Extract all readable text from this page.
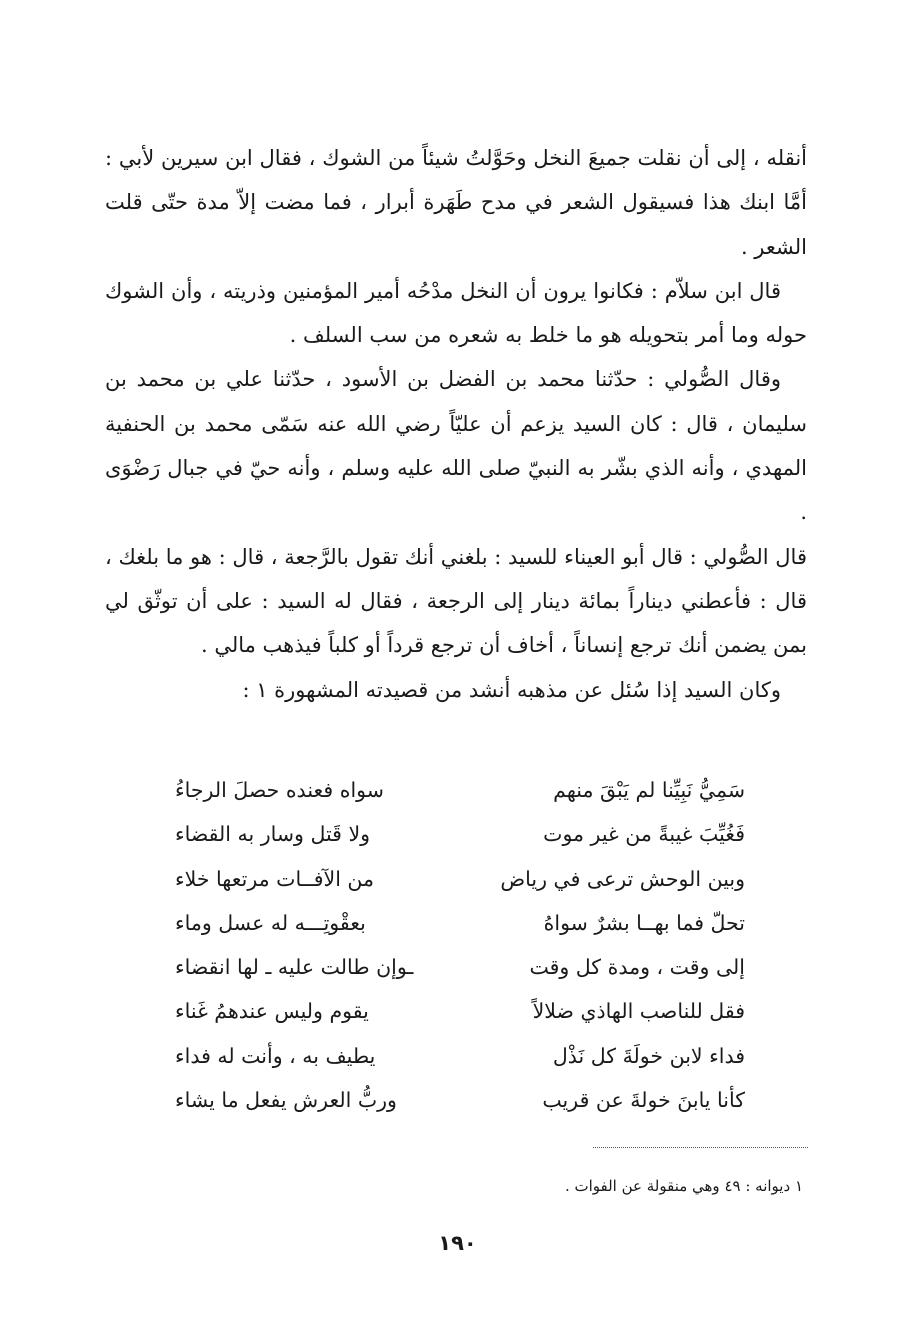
أنقله ، إلى أن نقلت جميعَ النخل وحَوَّلتُ شيئاً من الشوك ، فقال ابن سيرين لأبي : أمَّا ابنك هذا فسيقول الشعر في مدح طَهَرة أبرار ، فما مضت إلاّ مدة حتّى قلت الشعر .

قال ابن سلاّم : فكانوا يرون أن النخل مدْحُه أمير المؤمنين وذريته ، وأن الشوك حوله وما أمر بتحويله هو ما خلط به شعره من سب السلف .

وقال الصُّولي : حدّثنا محمد بن الفضل بن الأسود ، حدّثنا علي بن محمد بن سليمان ، قال : كان السيد يزعم أن عليّاً رضي الله عنه سَمّى محمد بن الحنفية المهدي ، وأنه الذي بشّر به النبيّ صلى الله عليه وسلم ، وأنه حيّ في جبال رَضْوَى .

قال الصُّولي : قال أبو العيناء للسيد : بلغني أنك تقول بالرَّجعة ، قال : هو ما بلغك ، قال : فأعطني ديناراً بمائة دينار إلى الرجعة ، فقال له السيد : على أن توثّق لي بمن يضمن أنك ترجع إنساناً ، أخاف أن ترجع قرداً أو كلباً فيذهب مالي .

وكان السيد إذا سُئل عن مذهبه أنشد من قصيدته المشهورة ١ :

سَمِيُّ نَبِيِّنا لم يَبْقَ منهم
سواه فعنده حصلَ الرجاءُ
فَغُيِّبَ غيبةً من غير موت
ولا قَتل وسار به القضاء
وبين الوحش ترعى في رياض
من الآفــات مرتعها خلاء
تحلّ فما بهــا بشرٌ سواهُ
بعقْوتِـــه له عسل وماء
إلى وقت ، ومدة كل وقت
ـوإن طالت عليه ـ لها انقضاء
فقل للناصب الهاذي ضلالاً
يقوم وليس عندهمُ غَناء
فداء لابن خولَةَ كل نَذْل
يطيف به ، وأنت له فداء
كأنا يابنَ خولةَ عن قريب
وربُّ العرش يفعل ما يشاء
١ ديوانه : ٤٩ وهي منقولة عن الفوات .
١٩٠
